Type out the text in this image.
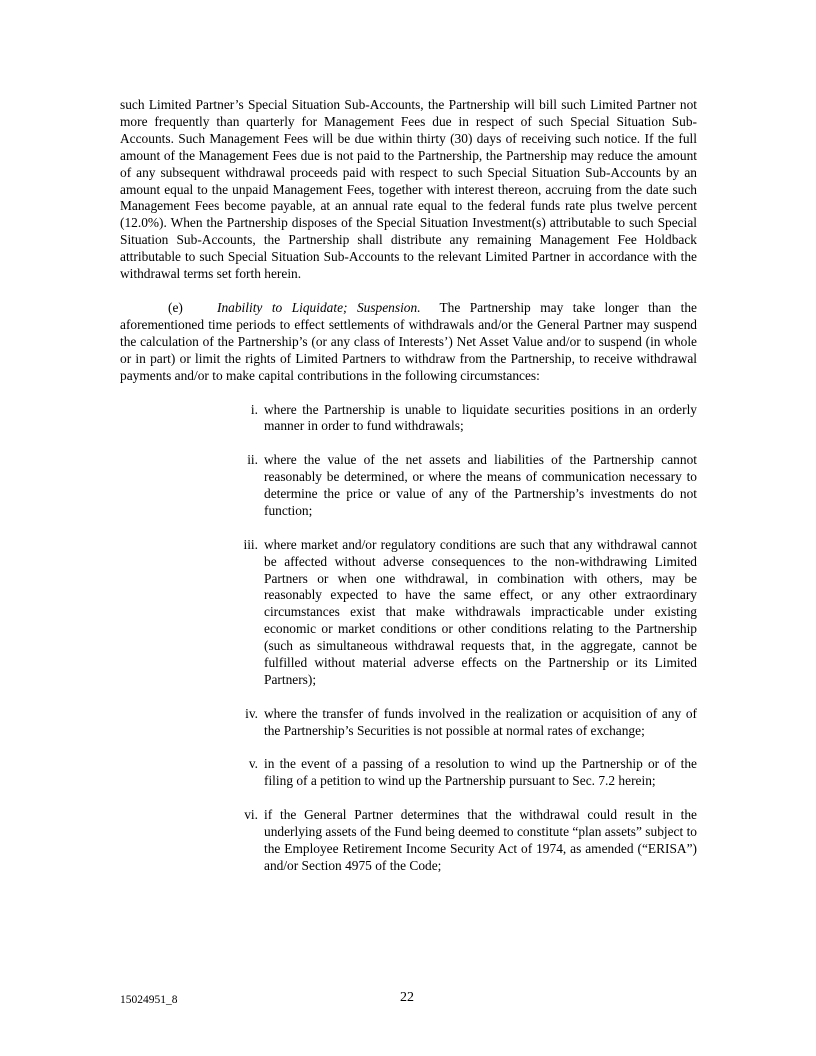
such Limited Partner’s Special Situation Sub-Accounts, the Partnership will bill such Limited Partner not more frequently than quarterly for Management Fees due in respect of such Special Situation Sub-Accounts. Such Management Fees will be due within thirty (30) days of receiving such notice. If the full amount of the Management Fees due is not paid to the Partnership, the Partnership may reduce the amount of any subsequent withdrawal proceeds paid with respect to such Special Situation Sub-Accounts by an amount equal to the unpaid Management Fees, together with interest thereon, accruing from the date such Management Fees become payable, at an annual rate equal to the federal funds rate plus twelve percent (12.0%). When the Partnership disposes of the Special Situation Investment(s) attributable to such Special Situation Sub-Accounts, the Partnership shall distribute any remaining Management Fee Holdback attributable to such Special Situation Sub-Accounts to the relevant Limited Partner in accordance with the withdrawal terms set forth herein.

(e)	Inability to Liquidate; Suspension. The Partnership may take longer than the aforementioned time periods to effect settlements of withdrawals and/or the General Partner may suspend the calculation of the Partnership’s (or any class of Interests’) Net Asset Value and/or to suspend (in whole or in part) or limit the rights of Limited Partners to withdraw from the Partnership, to receive withdrawal payments and/or to make capital contributions in the following circumstances:

i. where the Partnership is unable to liquidate securities positions in an orderly manner in order to fund withdrawals;
ii. where the value of the net assets and liabilities of the Partnership cannot reasonably be determined, or where the means of communication necessary to determine the price or value of any of the Partnership’s investments do not function;
iii. where market and/or regulatory conditions are such that any withdrawal cannot be affected without adverse consequences to the non-withdrawing Limited Partners or when one withdrawal, in combination with others, may be reasonably expected to have the same effect, or any other extraordinary circumstances exist that make withdrawals impracticable under existing economic or market conditions or other conditions relating to the Partnership (such as simultaneous withdrawal requests that, in the aggregate, cannot be fulfilled without material adverse effects on the Partnership or its Limited Partners);
iv. where the transfer of funds involved in the realization or acquisition of any of the Partnership’s Securities is not possible at normal rates of exchange;
v. in the event of a passing of a resolution to wind up the Partnership or of the filing of a petition to wind up the Partnership pursuant to Sec. 7.2 herein;
vi. if the General Partner determines that the withdrawal could result in the underlying assets of the Fund being deemed to constitute “plan assets” subject to the Employee Retirement Income Security Act of 1974, as amended (“ERISA”) and/or Section 4975 of the Code;
15024951_8	22
